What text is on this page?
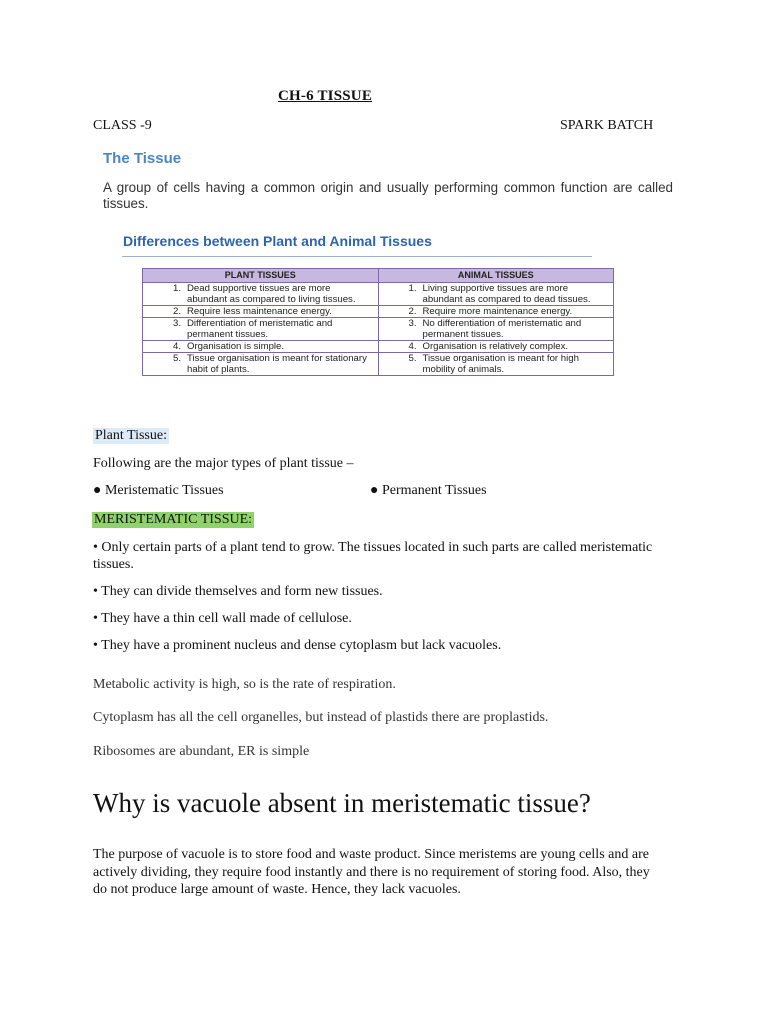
CH-6 TISSUE
CLASS -9	SPARK BATCH
The Tissue
A group of cells having a common origin and usually performing common function are called tissues.
Differences between Plant and Animal Tissues
PLANT TISSUES	ANIMAL TISSUES

1. Dead supportive tissues are more abundant as compared to living tissues.	1. Living supportive tissues are more abundant as compared to dead tissues.

2. Require less maintenance energy.	2. Require more maintenance energy.

3. Differentiation of meristematic and permanent tissues.	3. No differentiation of meristematic and permanent tissues.

4. Organisation is simple.	4. Organisation is relatively complex.

5. Tissue organisation is meant for stationary habit of plants.	5. Tissue organisation is meant for high mobility of animals.
Plant Tissue:
Following are the major types of plant tissue –
● Meristematic Tissues	● Permanent Tissues
MERISTEMATIC TISSUE:

• Only certain parts of a plant tend to grow. The tissues located in such parts are called meristematic tissues.

• They can divide themselves and form new tissues.

• They have a thin cell wall made of cellulose.

• They have a prominent nucleus and dense cytoplasm but lack vacuoles.

Metabolic activity is high, so is the rate of respiration.
Cytoplasm has all the cell organelles, but instead of plastids there are proplastids.
Ribosomes are abundant, ER is simple
Why is vacuole absent in meristematic tissue?
The purpose of vacuole is to store food and waste product. Since meristems are young cells and are actively dividing, they require food instantly and there is no requirement of storing food. Also, they do not produce large amount of waste. Hence, they lack vacuoles.
